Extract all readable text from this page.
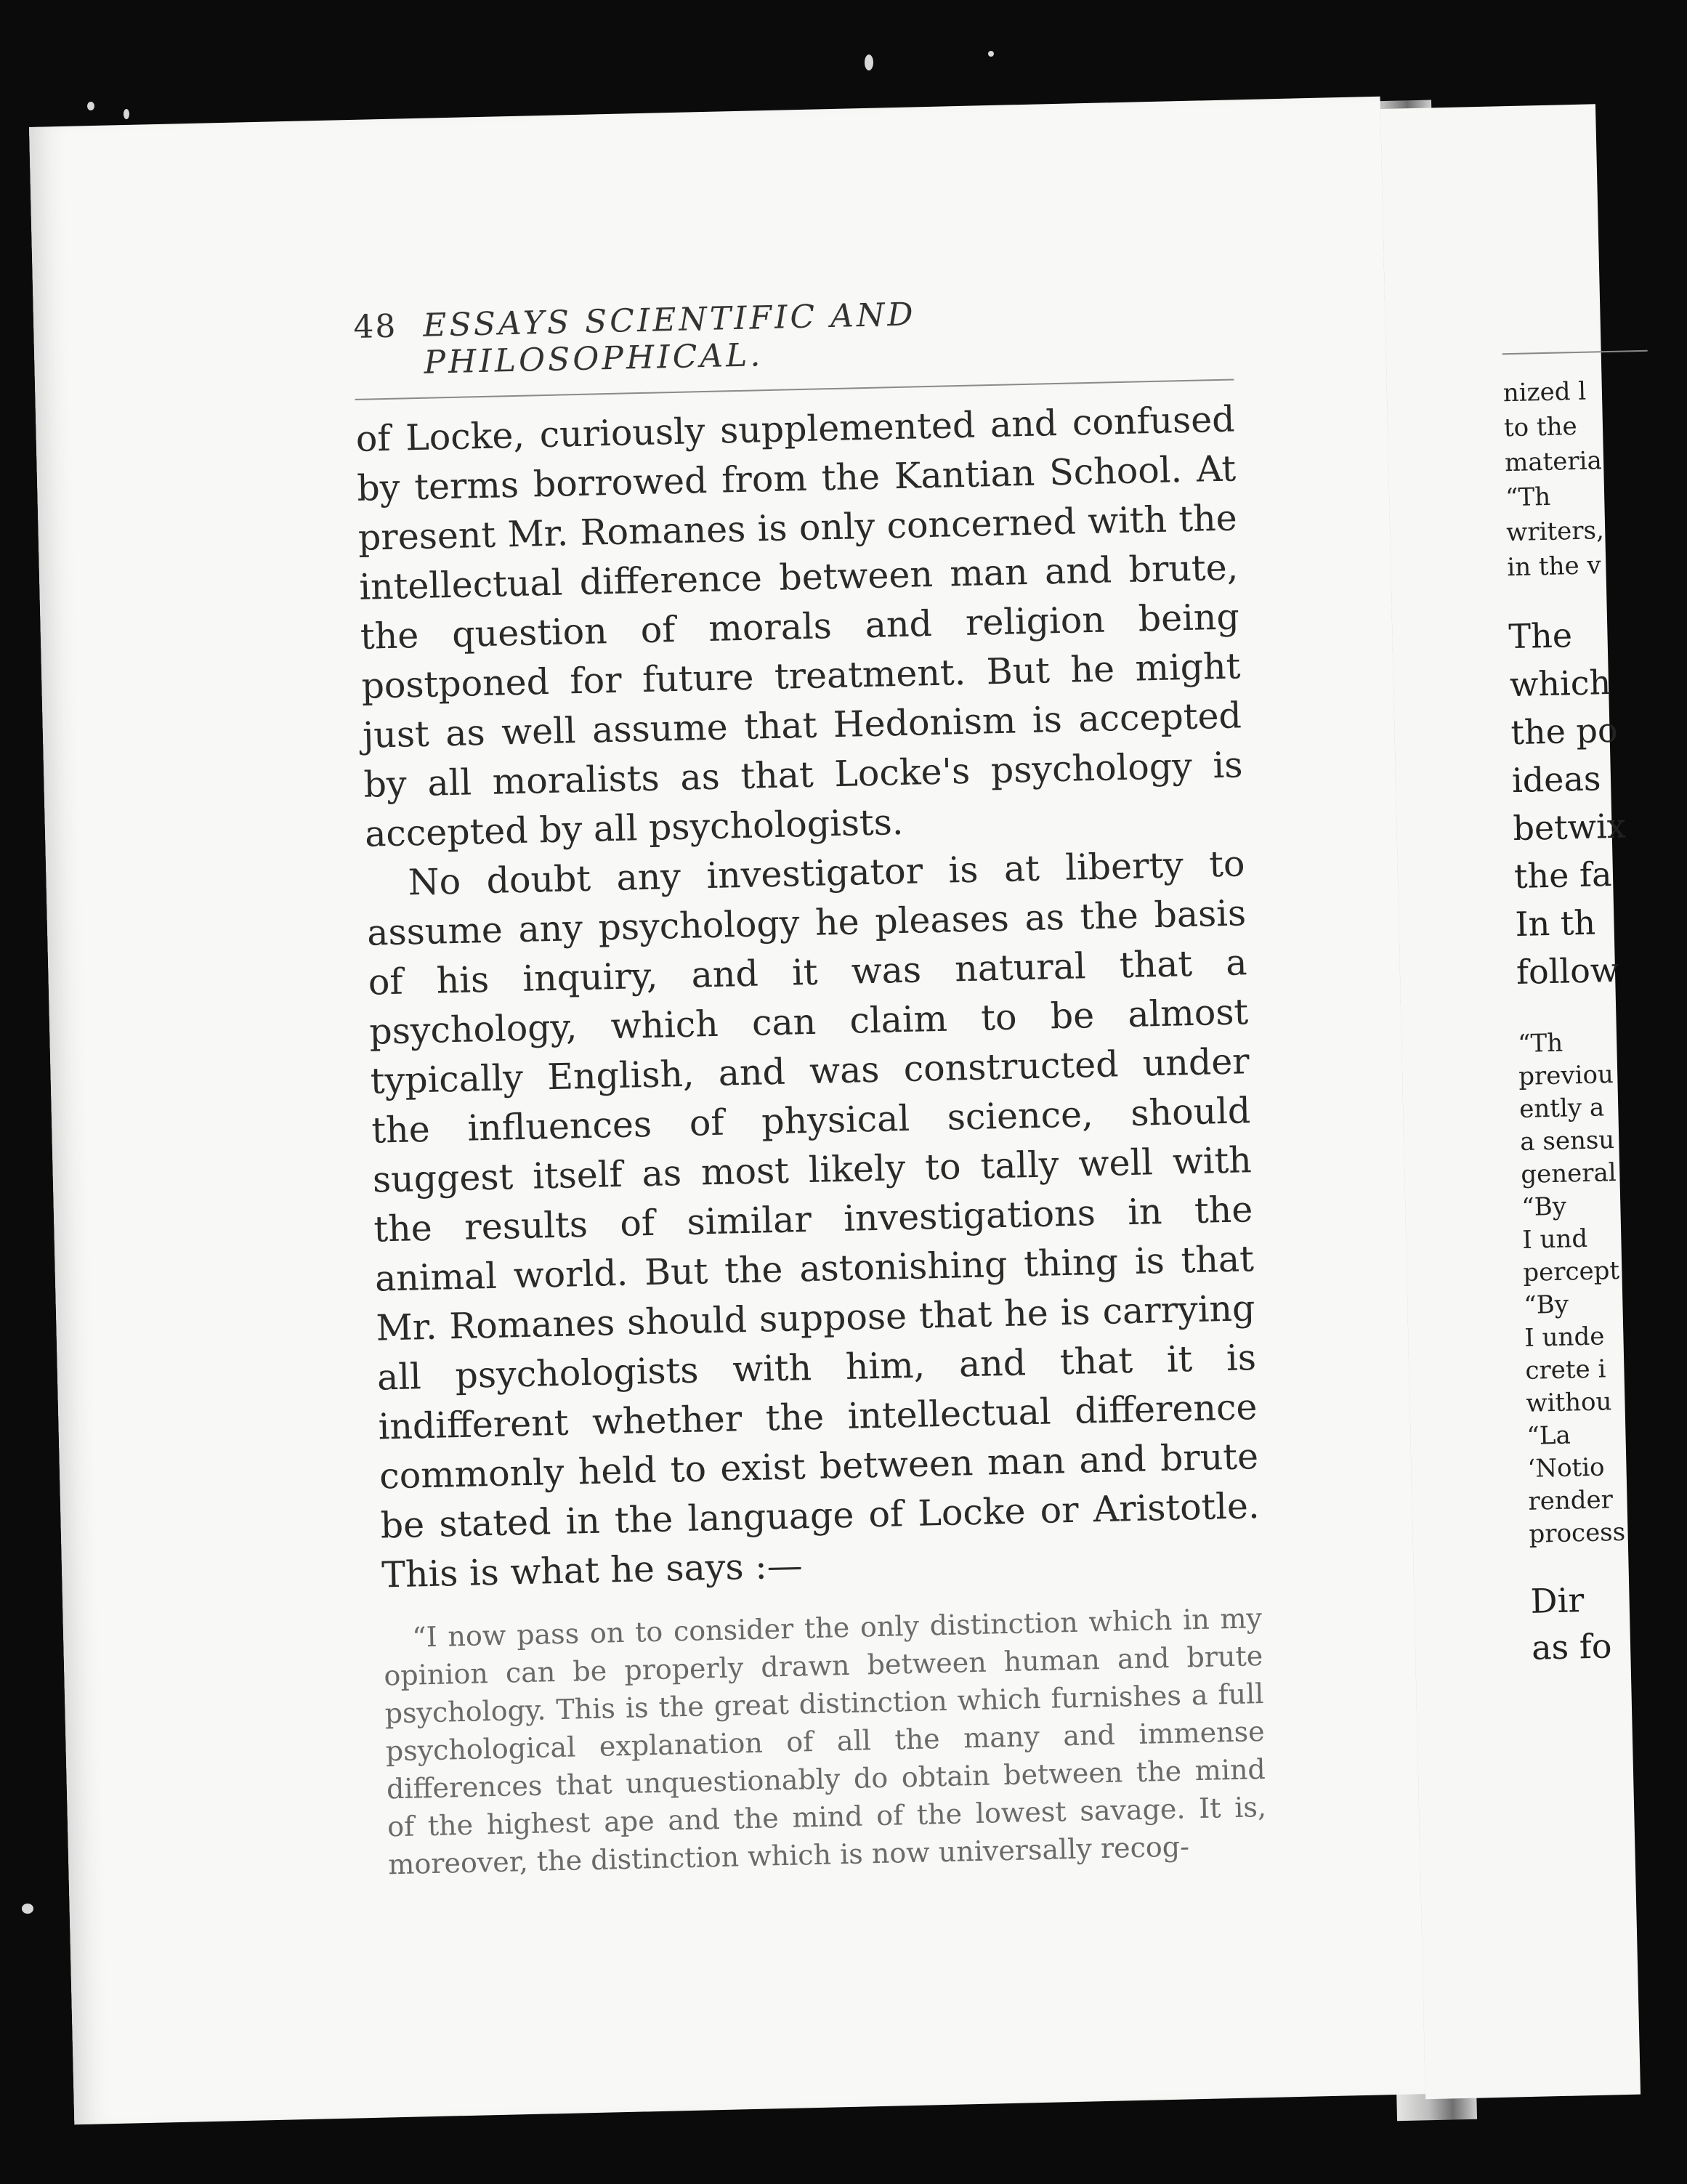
nized l
to the
materia
“Th
writers,
in the v
The
which
the po
ideas
betwix
the fa
In th
follow
“Th
previou
ently a
a sensu
general
“By
I und
percept
“By
I unde
crete i
withou
“La
‘Notio
render
process
Dir
as fo
48 ESSAYS SCIENTIFIC AND PHILOSOPHICAL.

of Locke, curiously supplemented and confused by terms borrowed from the Kantian School. At present Mr. Romanes is only concerned with the intellectual difference between man and brute, the question of morals and religion being postponed for future treatment. But he might just as well assume that Hedonism is accepted by all moralists as that Locke's psychology is accepted by all psychologists.

No doubt any investigator is at liberty to assume any psychology he pleases as the basis of his inquiry, and it was natural that a psychology, which can claim to be almost typically English, and was constructed under the influences of physical science, should suggest itself as most likely to tally well with the results of similar investigations in the animal world. But the astonishing thing is that Mr. Romanes should suppose that he is carrying all psychologists with him, and that it is indifferent whether the intellectual difference commonly held to exist between man and brute be stated in the language of Locke or Aristotle. This is what he says :—

“I now pass on to consider the only distinction which in my opinion can be properly drawn between human and brute psychology. This is the great distinction which furnishes a full psychological explanation of all the many and immense differences that unquestionably do obtain between the mind of the highest ape and the mind of the lowest savage. It is, moreover, the distinction which is now universally recog-
